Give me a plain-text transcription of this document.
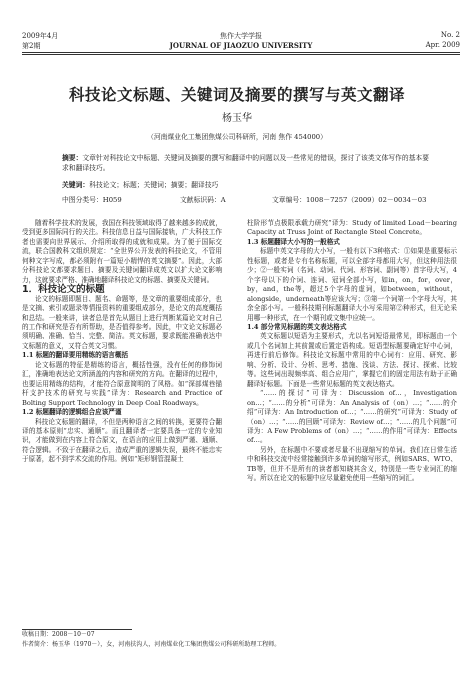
2009年4月	焦作大学学报	No. 2
第2期	JOURNAL OF JIAOZUO UNIVERSITY	Apr. 2009
科技论文标题、关键词及摘要的撰写与英文翻译
杨玉华
（河南煤业化工集团焦煤公司科研所，河南 焦作 454000）
摘要：文章针对科技论文中标题、关键词及摘要的撰写和翻译中的问题以及一些常见的错误，探讨了该类文体写作的基本要求和翻译技巧。
关键词：科技论文；标题；关键词；摘要；翻译技巧
中图分类号：H059	文献标识码：A	文章编号：1008－7257（2009）02－0034－03

随着科学技术的发展，我国在科技领域取得了越来越多的成就，受到更多国际同行的关注。科技信息日益与国际接轨，广大科技工作者也需要向世界展示、介绍所取得的成就和成果。为了便于国际交流，联合国教科文组织规定：“全世界公开发表的科技论文，不管用何种文字写成，都必须附有一篇短小精悍的英文摘要”。因此，大部分科技论文都要求题目、摘要及关键词翻译成英文以扩大论文影响力，这就要求严格、准确地翻译科技论文的标题、摘要及关键词。

1．科技论文的标题

论文的标题即题目、题名、命题等，是文章的重要组成部分，也是文摘、索引或题录等情报资料的重要组成部分，是论文的高度概括和总结。一般来讲，读者总是首先从题目上进行判断某篇论文对自己的工作和研究是否有所帮助，是否值得参考。因此，中文论文标题必须明确、准确、恰当、完整、简洁。英文标题，要求既能准确表达中文标题的意义，又符合英文习惯。

1.1 标题的翻译要用精练的语言概括

论文标题的特征是精练的语言，概括性强，没有任何的修饰词汇，准确地表达论文所涵盖的内容和研究的方向。在翻译的过程中，也要运用精练的结构，才能符合原意简明的了风格。如“深部煤巷锚杆支护技术的研究与实践”译为：Research and Practice of Bolting Support Technology in Deep Coal Roadways。

1.2 标题翻译的逻辑组合应该严谨

科技论文标题的翻译，不但是两种语言之间的转换，更要符合翻译的基本原则“忠实、通顺”。而且翻译者一定要具备一定的专业知识，才能做到在内容上符合原文，在语言的应用上做到严谨、通顺、符合逻辑。不致于在翻译之后，造成严重的逻辑失误，最终不能忠实于原著，起不到学术交流的作用。例如“矩形钢管混凝土

柱阶形节点极限承载力研究”译为：Study of limited Load－bearing Capacity at Truss Joint of Rectangle Steel Concrete。

1.3 标题翻译大小写的一般格式

标题中英文字母的大小写，一般有以下3种格式：①如果是重要标示性标题，或者是专有名称标题，可以全部字母都用大写，但这种用法很少；②一般实词（名词、动词、代词、形容词、副词等）首字母大写，4个字母以下的介词、连词、冠词全部小写，如in，on，for，over，by，and，the等，超过5个字母的虚词，如between，without，alongside，underneath等应该大写；③第一个词第一个字母大写，其余全部小写。一般科技期刊标题翻译大小写采用第②种形式，但无论采用哪一种形式，在一个期刊或文集中应统一。

1.4 部分常见标题的英文表达格式

英文标题以短语为主要形式，尤以名词短语最常见，即标题由一个或几个名词加上其前置或后置定语构成。短语型标题要确定好中心词，再进行前后修饰。科技论文标题中常用的中心词有：应用、研究、影响、分析、设计、分析、思考、措施、浅谈、方法、探讨、探索、比较等。这些词出现频率高、组合应用广，掌握它们的固定用法有助于正确翻译好标题。下面是一些常见标题的英文表达格式。

“……的探讨”可译为：Discussion of…，Investigation on…；“……的分析”可译为：An Analysis of（on）…；“……的介绍”可译为：An Introduction of…；“……的研究”可译为：Study of（on）…；“……的回顾”可译为：Review of…；“……的几个问题”可译为：A Few Problems of（on）…；“……的作用”可译为：Effects of…。

另外，在标题中不要或者尽量不出现缩写的单词。我们在日常生活中和科技交流中经常接触到许多单词的缩写形式，例如SARS、WTO、TB等，但并不是所有的读者都知晓其含义，特别是一些专业词汇的缩写。所以在论文的标题中应尽量避免使用一些缩写的词汇。

收稿日期：2008－10－07
作者简介：杨玉华（1970－），女，河南扶沟人，河南煤业化工集团焦煤公司科研所助理工程师。
